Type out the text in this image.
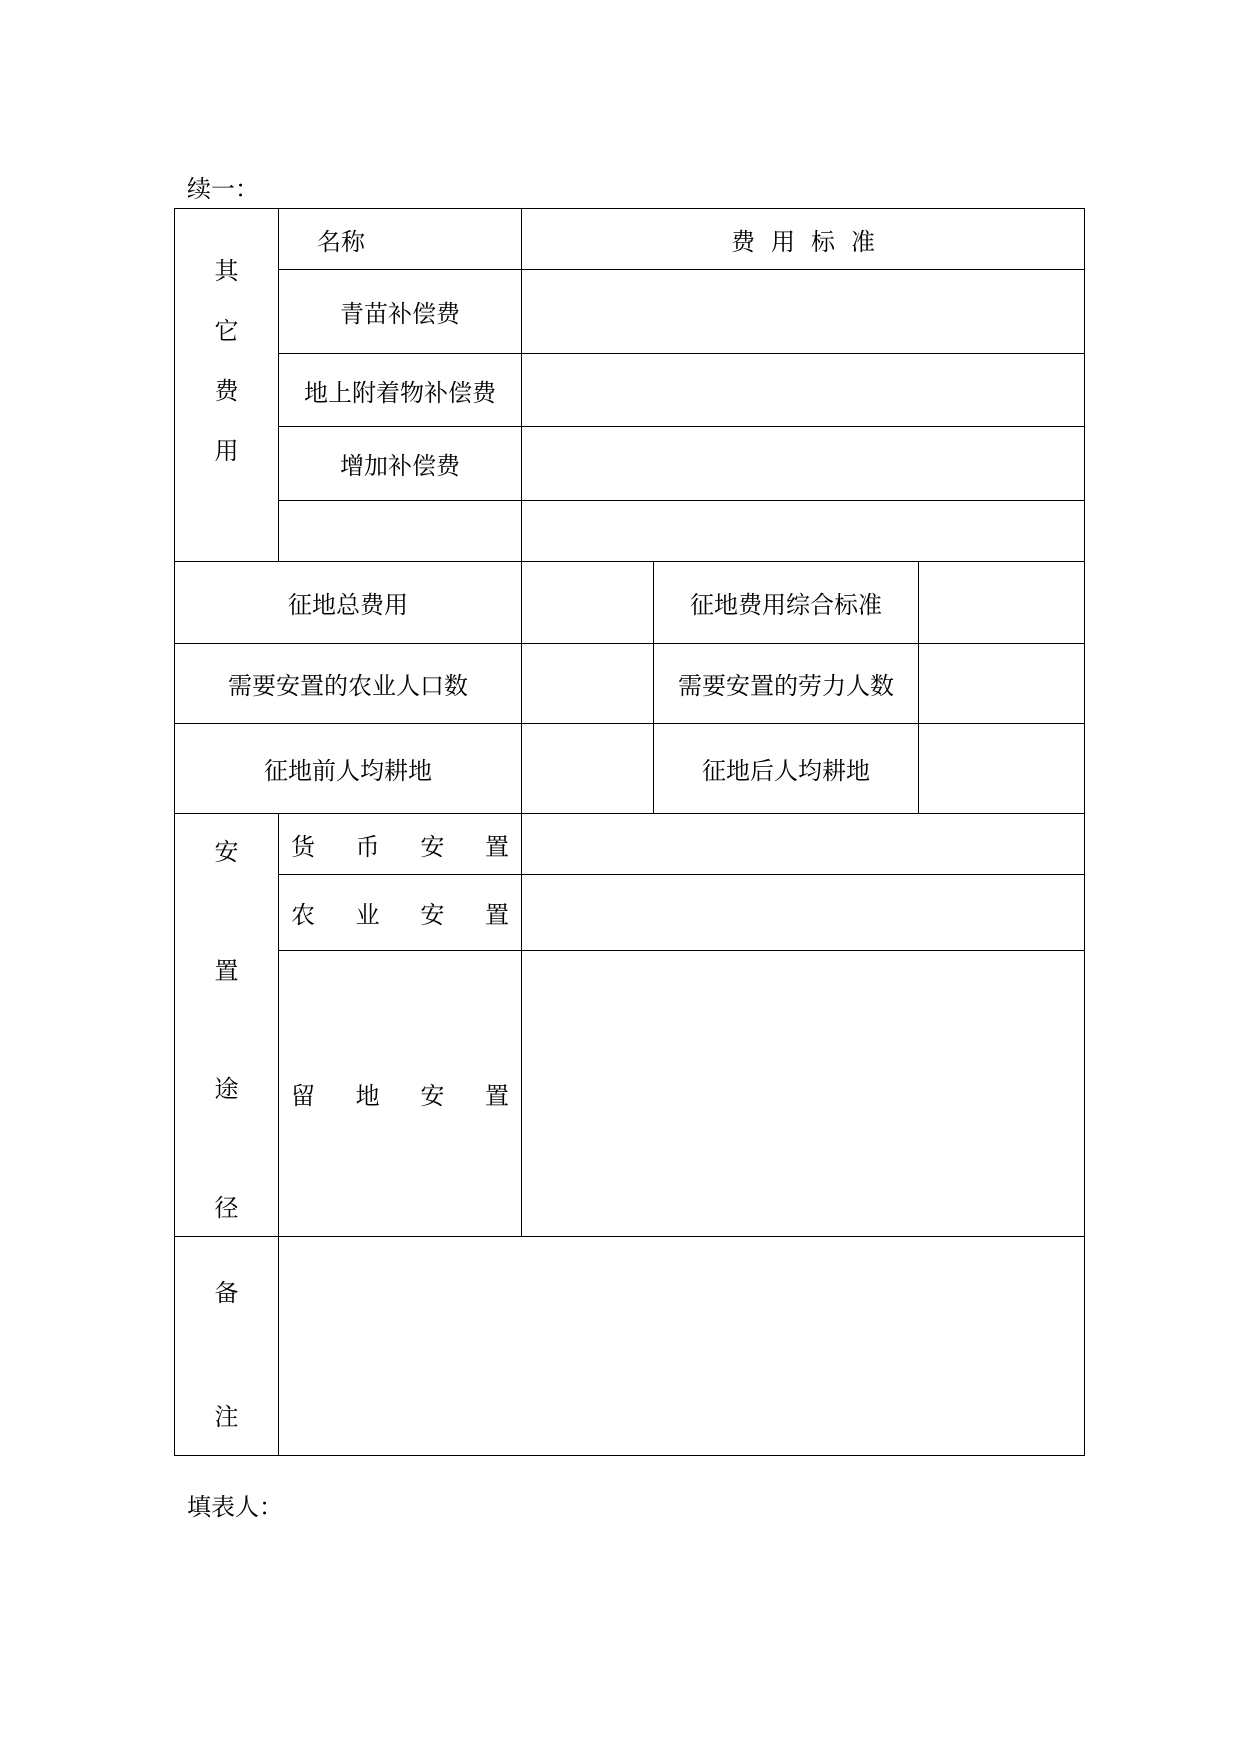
续一：
其
它
费
用	名称	费 用 标 准		
	青苗补偿费			
	地上附着物补偿费			
	增加补偿费			

征地总费用			征地费用综合标准	
需要安置的农业人口数			需要安置的劳力人数	
征地前人均耕地			征地后人均耕地	

安
置
途
径	货 币 安 置			

	农 业 安 置			

	留 地 安 置			

备
注				

填表人：
